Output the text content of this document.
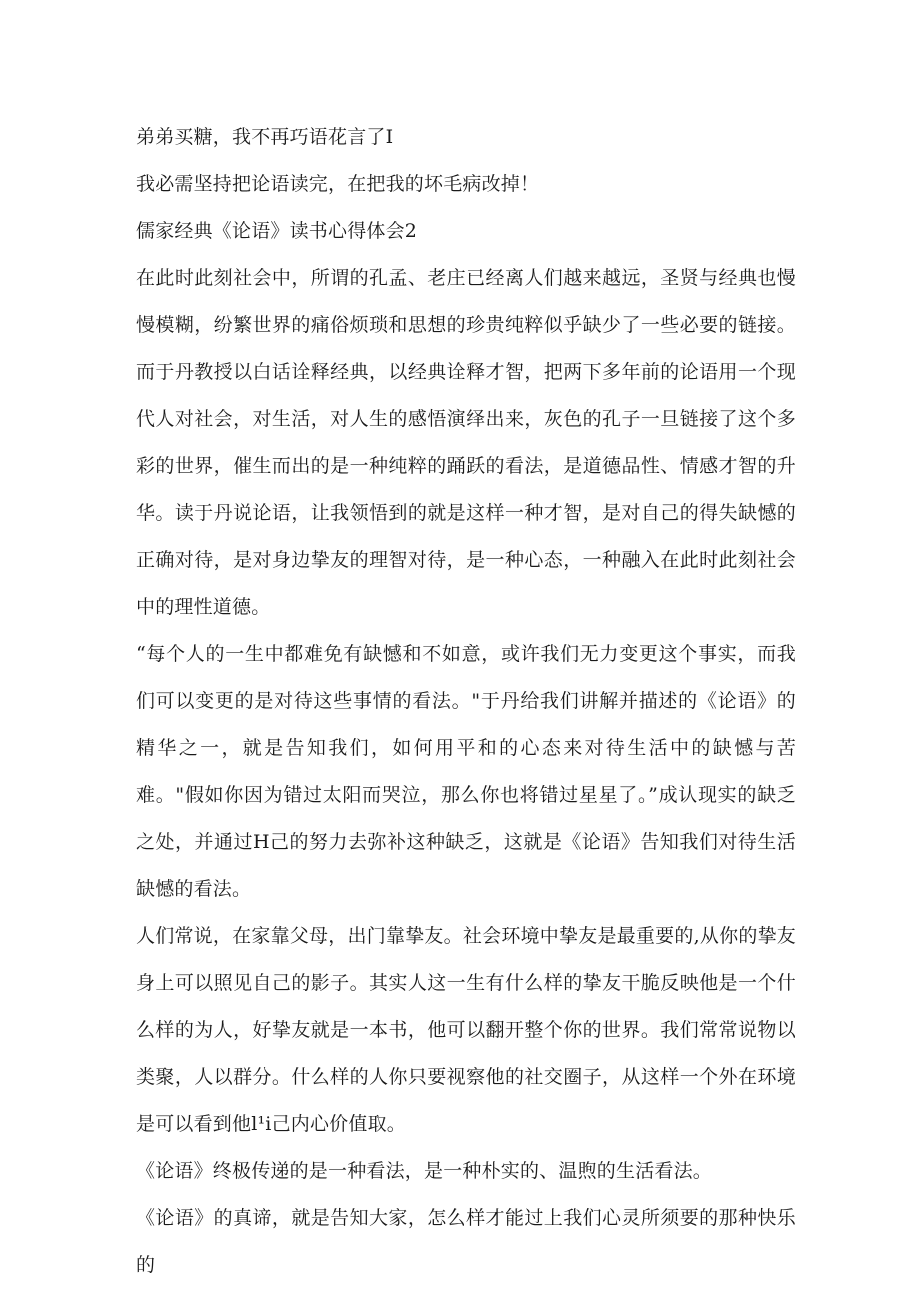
弟弟买糖，我不再巧语花言了I

我必需坚持把论语读完，在把我的坏毛病改掉！

儒家经典《论语》读书心得体会2

在此时此刻社会中，所谓的孔孟、老庄已经离人们越来越远，圣贤与经典也慢慢模糊，纷繁世界的痛俗烦琐和思想的珍贵纯粹似乎缺少了一些必要的链接。而于丹教授以白话诠释经典，以经典诠释才智，把两下多年前的论语用一个现代人对社会，对生活，对人生的感悟演绎出来，灰色的孔子一旦链接了这个多彩的世界，催生而出的是一种纯粹的踊跃的看法，是道德品性、情感才智的升华。读于丹说论语，让我领悟到的就是这样一种才智，是对自己的得失缺憾的正确对待，是对身边挚友的理智对待，是一种心态，一种融入在此时此刻社会中的理性道德。

“每个人的一生中都难免有缺憾和不如意，或许我们无力变更这个事实，而我们可以变更的是对待这些事情的看法。"于丹给我们讲解并描述的《论语》的精华之一，就是告知我们，如何用平和的心态来对待生活中的缺憾与苦难。"假如你因为错过太阳而哭泣，那么你也将错过星星了。”成认现实的缺乏之处，并通过H己的努力去弥补这种缺乏，这就是《论语》告知我们对待生活缺憾的看法。

人们常说，在家靠父母，出门靠挚友。社会环境中挚友是最重要的,从你的挚友身上可以照见自己的影子。其实人这一生有什么样的挚友干脆反映他是一个什么样的为人，好挚友就是一本书，他可以翻开整个你的世界。我们常常说物以类聚，人以群分。什么样的人你只要视察他的社交圈子，从这样一个外在环境是可以看到他l¹i己内心价值取。

《论语》终极传递的是一种看法，是一种朴实的、温煦的生活看法。

《论语》的真谛，就是告知大家，怎么样才能过上我们心灵所须要的那种快乐的
